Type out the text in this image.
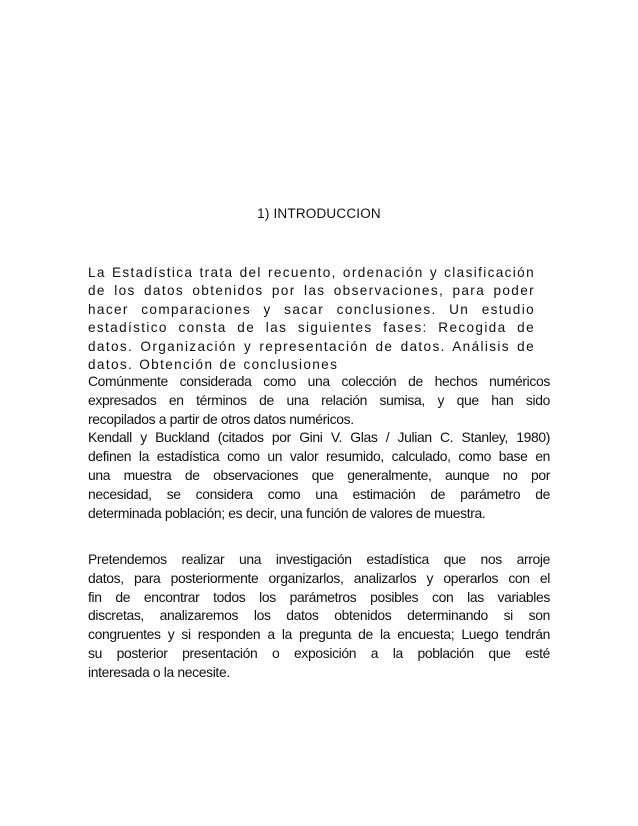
1) INTRODUCCION

La Estadística trata del recuento, ordenación y clasificación
de los datos obtenidos por las observaciones, para poder
hacer comparaciones y sacar conclusiones. Un estudio
estadístico consta de las siguientes fases: Recogida de
datos. Organización y representación de datos. Análisis de
datos. Obtención de conclusiones

Comúnmente considerada como una colección de hechos numéricos
expresados en términos de una relación sumisa, y que han sido
recopilados a partir de otros datos numéricos.
Kendall y Buckland (citados por Gini V. Glas / Julian C. Stanley, 1980)
definen la estadística como un valor resumido, calculado, como base en
una muestra de observaciones que generalmente, aunque no por
necesidad, se considera como una estimación de parámetro de
determinada población; es decir, una función de valores de muestra.

Pretendemos realizar una investigación estadística que nos arroje
datos, para posteriormente organizarlos, analizarlos y operarlos con el
fin de encontrar todos los parámetros posibles con las variables
discretas, analizaremos los datos obtenidos determinando si son
congruentes y si responden a la pregunta de la encuesta; Luego tendrán
su posterior presentación o exposición a la población que esté
interesada o la necesite.
